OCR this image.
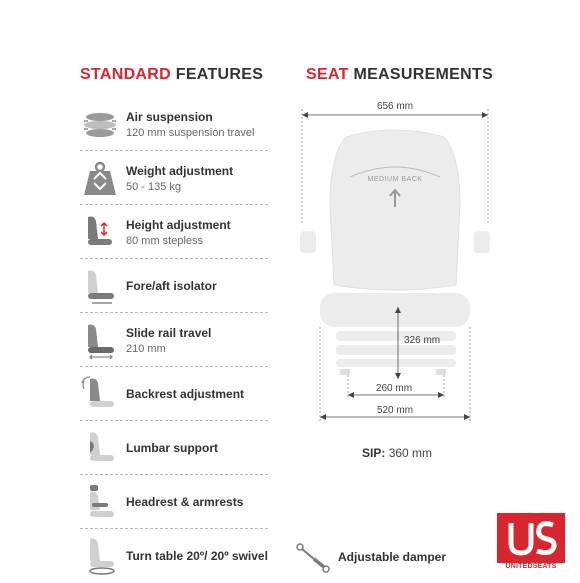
STANDARD FEATURES	SEAT MEASUREMENTS
Air suspension
120 mm suspension travel
Weight adjustment
50 - 135 kg
Height adjustment
80 mm stepless
Fore/aft isolator
Slide rail travel
210 mm
Backrest adjustment
Lumbar support
Headrest & armrests
Turn table 20º/ 20º swivel
MEDIUM BACK
656 mm
326 mm
260 mm
520 mm
SIP: 360 mm
Adjustable damper
UNITEDSEATS
